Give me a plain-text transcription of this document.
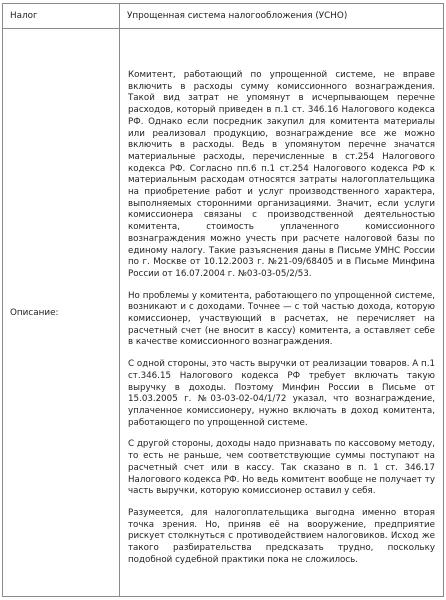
Налог	Упрощенная система налогообложения (УСНО)
Описание:	Комитент, работающий по упрощенной системе, не вправе включить в расходы сумму комиссионного вознаграждения. Такой вид затрат не упомянут в исчерпывающем перечне расходов, который приведен в п.1 ст. 346.16 Налогового кодекса РФ. Однако если посредник закупил для комитента материалы или реализовал продукцию, вознаграждение все же можно включить в расходы. Ведь в упомянутом перечне значатся материальные расходы, перечисленные в ст.254 Налогового кодекса РФ. Согласно пп.6 п.1 ст.254 Налогового кодекса РФ к материальным расходам относятся затраты налогоплательщика на приобретение работ и услуг производственного характера, выполняемых сторонними организациями. Значит, если услуги комиссионера связаны с производственной деятельностью комитента, стоимость уплаченного комиссионного вознаграждения можно учесть при расчете налоговой базы по единому налогу. Такие разъяснения даны в Письме УМНС России по г. Москве от 10.12.2003 г. №21-09/68405 и в Письме Минфина России от 16.07.2004 г. №03-03-05/2/53.

Но проблемы у комитента, работающего по упрощенной системе, возникают и с доходами. Точнее — с той частью дохода, которую комиссионер, участвующий в расчетах, не перечисляет на расчетный счет (не вносит в кассу) комитента, а оставляет себе в качестве комиссионного вознаграждения.

С одной стороны, это часть выручки от реализации товаров. А п.1 ст.346.15 Налогового кодекса РФ требует включать такую выручку в доходы. Поэтому Минфин России в Письме от 15.03.2005 г. №03-03-02-04/1/72 указал, что вознаграждение, уплаченное комиссионеру, нужно включать в доход комитента, работающего по упрощенной системе.

С другой стороны, доходы надо признавать по кассовому методу, то есть не раньше, чем соответствующие суммы поступают на расчетный счет или в кассу. Так сказано в п. 1 ст. 346.17 Налогового кодекса РФ. Но ведь комитент вообще не получает ту часть выручки, которую комиссионер оставил у себя.

Разумеется, для налогоплательщика выгодна именно вторая точка зрения. Но, приняв её на вооружение, предприятие рискует столкнуться с противодействием налоговиков. Исход же такого разбирательства предсказать трудно, поскольку подобной судебной практики пока не сложилось.
